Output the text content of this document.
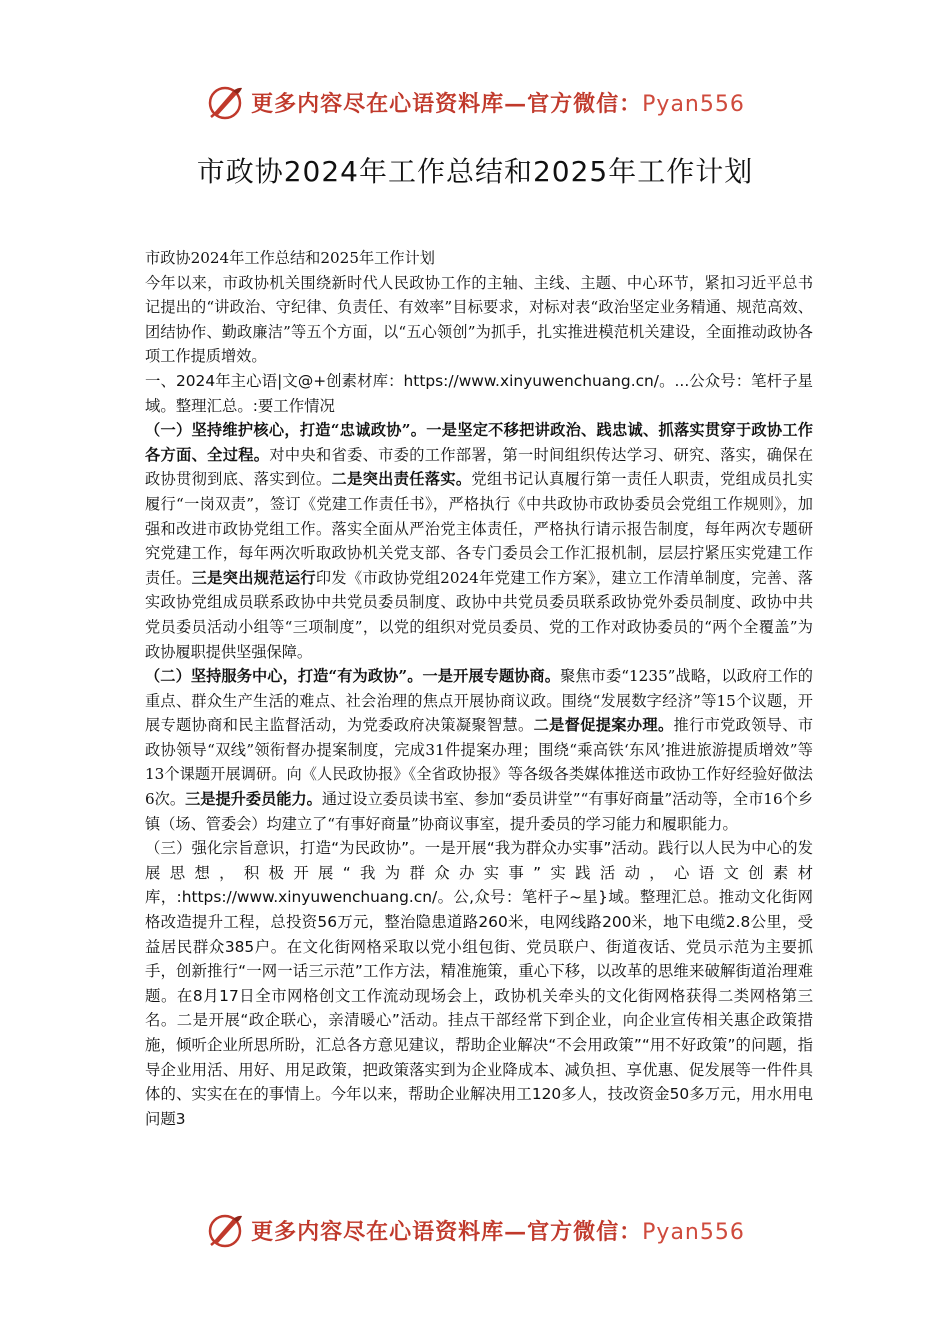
更多内容尽在心语资料库—官方微信：Pyan556
市政协2024年工作总结和2025年工作计划

市政协2024年工作总结和2025年工作计划

今年以来，市政协机关围绕新时代人民政协工作的主轴、主线、主题、中心环节，紧扣习近平总书记提出的“讲政治、守纪律、负责任、有效率”目标要求，对标对表“政治坚定业务精通、规范高效、团结协作、勤政廉洁”等五个方面，以“五心领创”为抓手，扎实推进模范机关建设，全面推动政协各项工作提质增效。

一、2024年主心语|文@+创素材库：https://www.xinyuwenchuang.cn/。...公众号：笔杆子星域。整理汇总。:要工作情况

（一）坚持维护核心，打造“忠诚政协”。一是坚定不移把讲政治、践忠诚、抓落实贯穿于政协工作各方面、全过程。对中央和省委、市委的工作部署，第一时间组织传达学习、研究、落实，确保在政协贯彻到底、落实到位。二是突出责任落实。党组书记认真履行第一责任人职责，党组成员扎实履行“一岗双责”，签订《党建工作责任书》，严格执行《中共政协市政协委员会党组工作规则》，加强和改进市政协党组工作。落实全面从严治党主体责任，严格执行请示报告制度，每年两次专题研究党建工作，每年两次听取政协机关党支部、各专门委员会工作汇报机制，层层拧紧压实党建工作责任。三是突出规范运行印发《市政协党组2024年党建工作方案》，建立工作清单制度，完善、落实政协党组成员联系政协中共党员委员制度、政协中共党员委员联系政协党外委员制度、政协中共党员委员活动小组等“三项制度”，以党的组织对党员委员、党的工作对政协委员的“两个全覆盖”为政协履职提供坚强保障。

（二）坚持服务中心，打造“有为政协”。一是开展专题协商。聚焦市委“1235”战略，以政府工作的重点、群众生产生活的难点、社会治理的焦点开展协商议政。围绕“发展数字经济”等15个议题，开展专题协商和民主监督活动，为党委政府决策凝聚智慧。二是督促提案办理。推行市党政领导、市政协领导“双线”领衔督办提案制度，完成31件提案办理；围绕“乘高铁‘东风’推进旅游提质增效”等13个课题开展调研。向《人民政协报》《全省政协报》等各级各类媒体推送市政协工作好经验好做法6次。三是提升委员能力。通过设立委员读书室、参加“委员讲堂”“有事好商量”活动等，全市16个乡镇（场、管委会）均建立了“有事好商量”协商议事室，提升委员的学习能力和履职能力。

（三）强化宗旨意识，打造“为民政协”。一是开展“我为群众办实事”活动。践行以人民为中心的发展思想，积极开展“我为群众办实事”实践活动，心语文创素材库，:https://www.xinyuwenchuang.cn/。公,众号：笔杆子~星}域。整理汇总。推动文化街网格改造提升工程，总投资56万元，整治隐患道路260米，电网线路200米，地下电缆2.8公里，受益居民群众385户。在文化街网格采取以党小组包街、党员联户、街道夜话、党员示范为主要抓手，创新推行“一网一话三示范”工作方法，精准施策，重心下移，以改革的思维来破解街道治理难题。在8月17日全市网格创文工作流动现场会上，政协机关牵头的文化街网格获得二类网格第三名。二是开展“政企联心，亲清暖心”活动。挂点干部经常下到企业，向企业宣传相关惠企政策措施，倾听企业所思所盼，汇总各方意见建议，帮助企业解决“不会用政策”“用不好政策”的问题，指导企业用活、用好、用足政策，把政策落实到为企业降成本、减负担、享优惠、促发展等一件件具体的、实实在在的事情上。今年以来，帮助企业解决用工120多人，技改资金50多万元，用水用电问题3

更多内容尽在心语资料库—官方微信：Pyan556
